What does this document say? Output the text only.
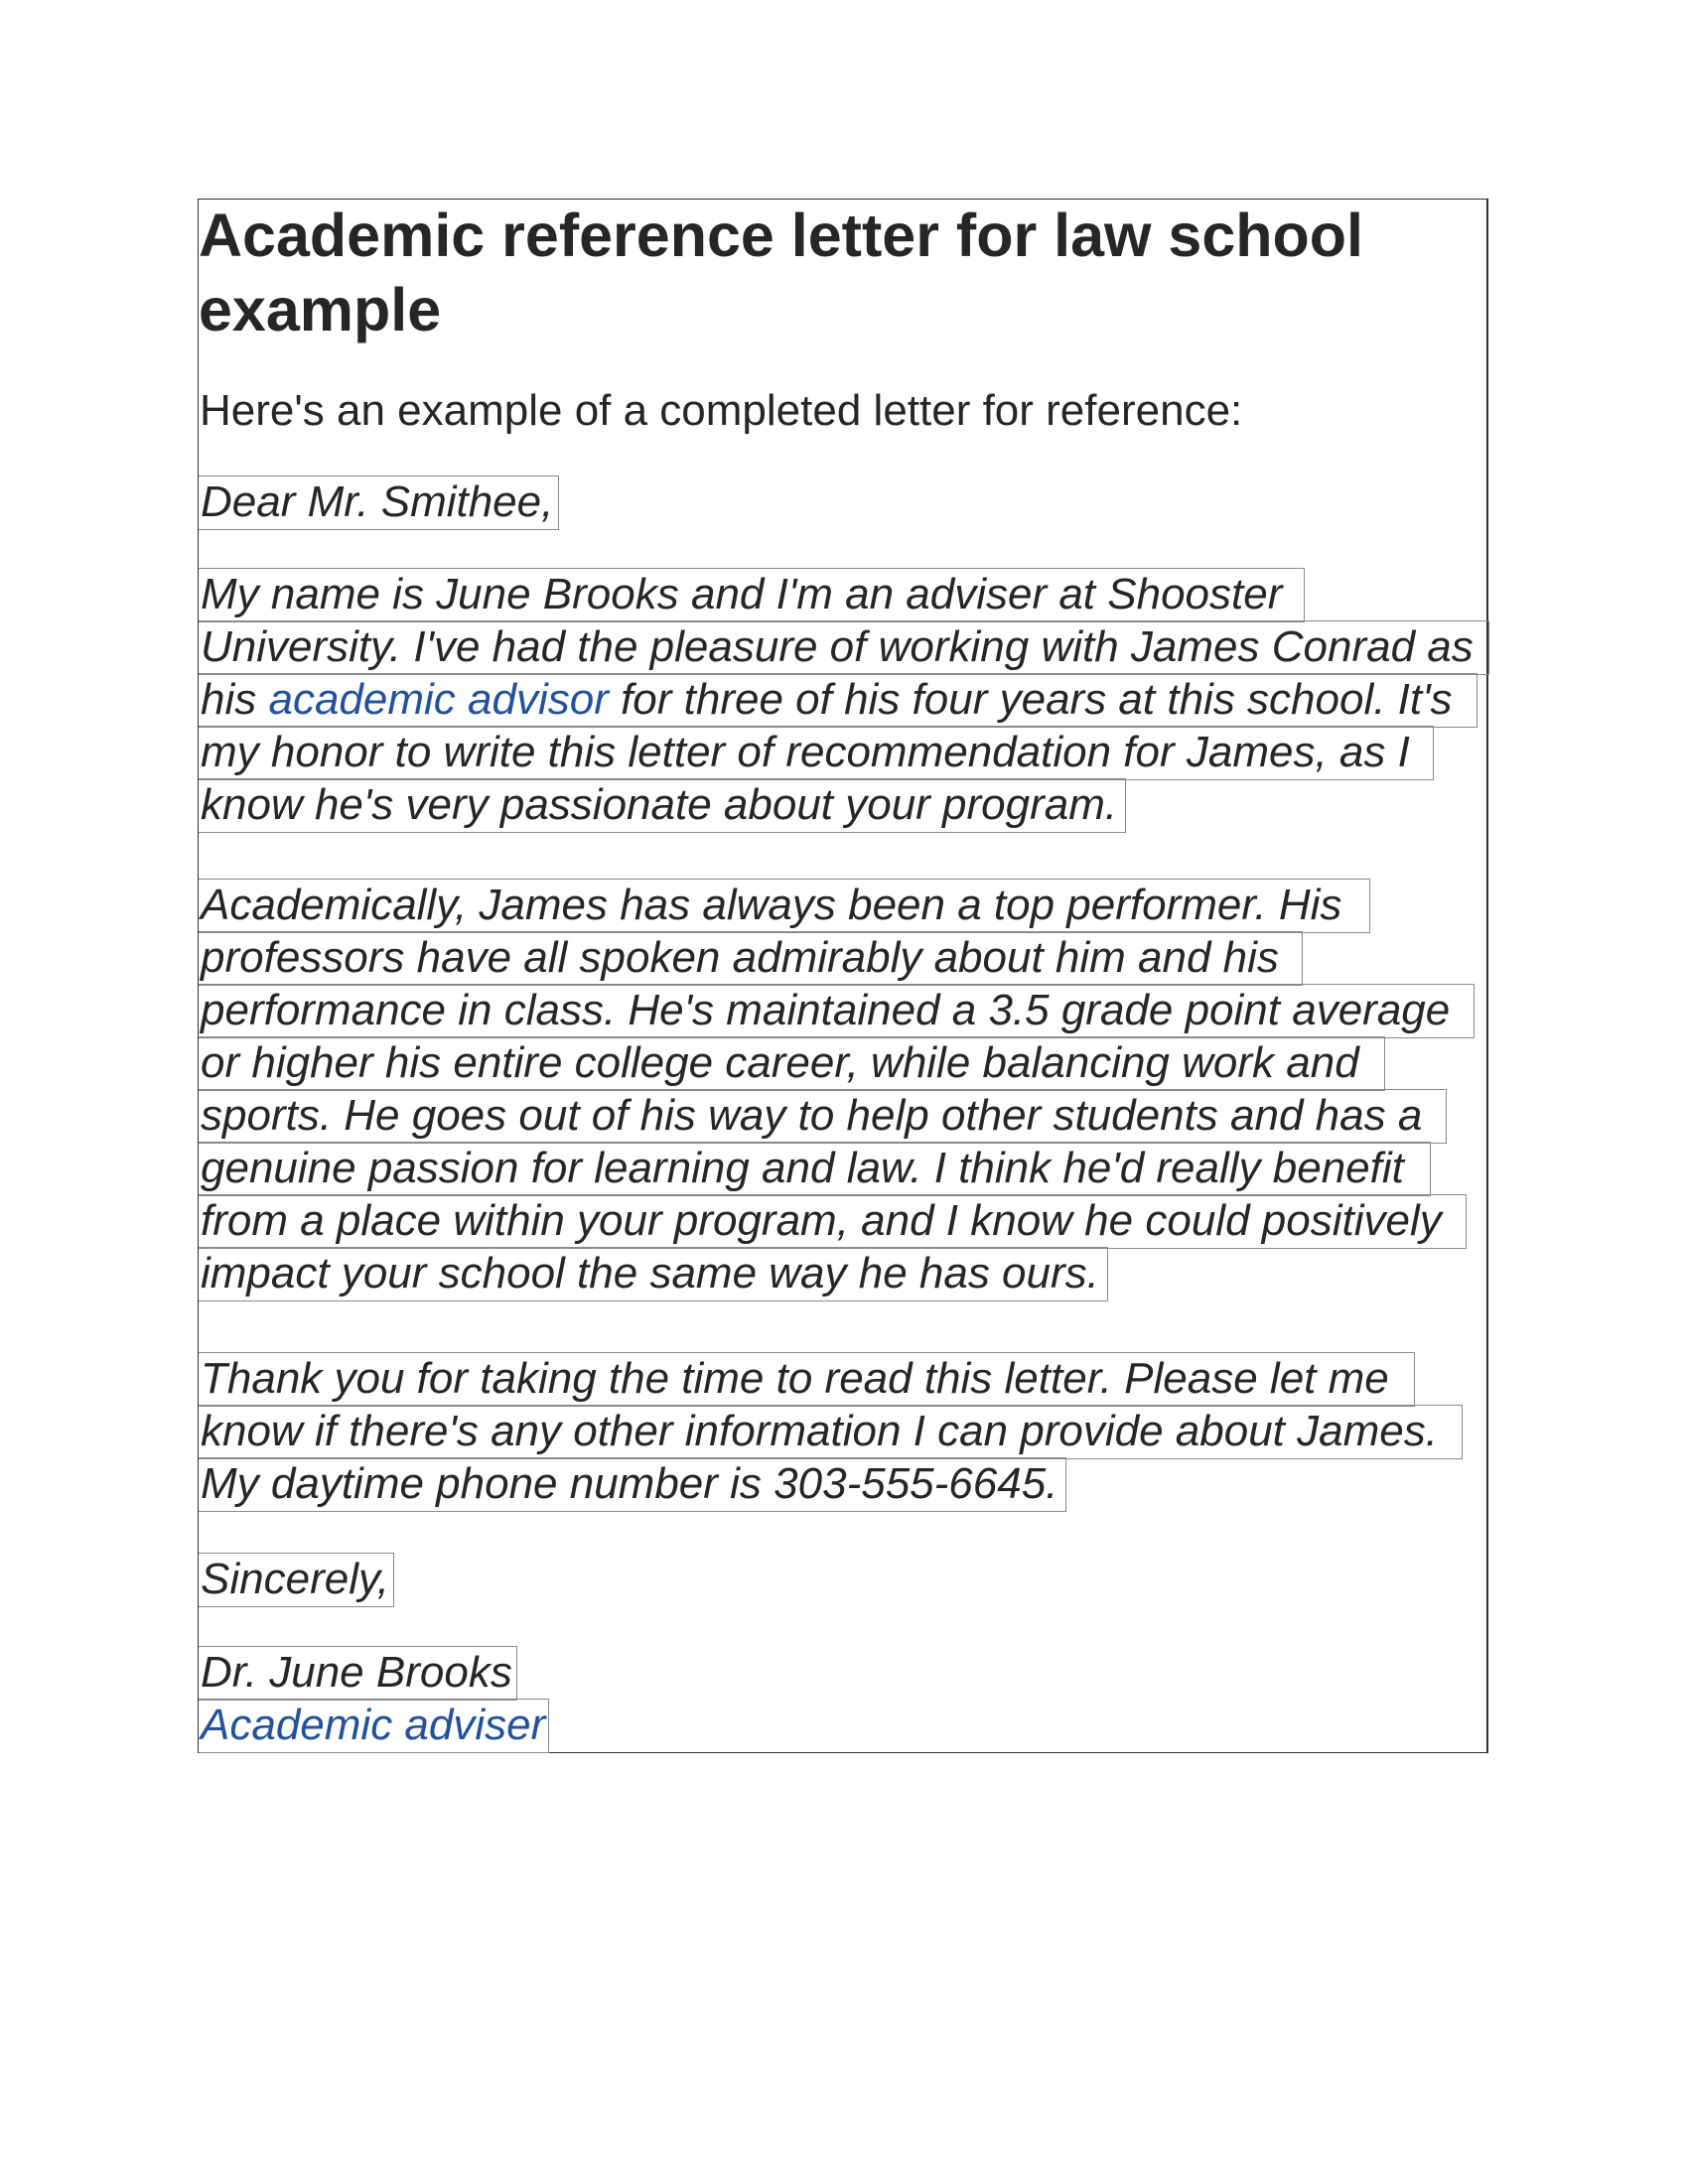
Academic reference letter for law school
example

Here's an example of a completed letter for reference:

Dear Mr. Smithee,
My name is June Brooks and I'm an adviser at Shooster
University. I've had the pleasure of working with James Conrad as
his academic advisor for three of his four years at this school. It's
my honor to write this letter of recommendation for James, as I
know he's very passionate about your program.
Academically, James has always been a top performer. His
professors have all spoken admirably about him and his
performance in class. He's maintained a 3.5 grade point average
or higher his entire college career, while balancing work and
sports. He goes out of his way to help other students and has a
genuine passion for learning and law. I think he'd really benefit
from a place within your program, and I know he could positively
impact your school the same way he has ours.
Thank you for taking the time to read this letter. Please let me
know if there's any other information I can provide about James.
My daytime phone number is 303-555-6645.
Sincerely,
Dr. June Brooks
Academic adviser
